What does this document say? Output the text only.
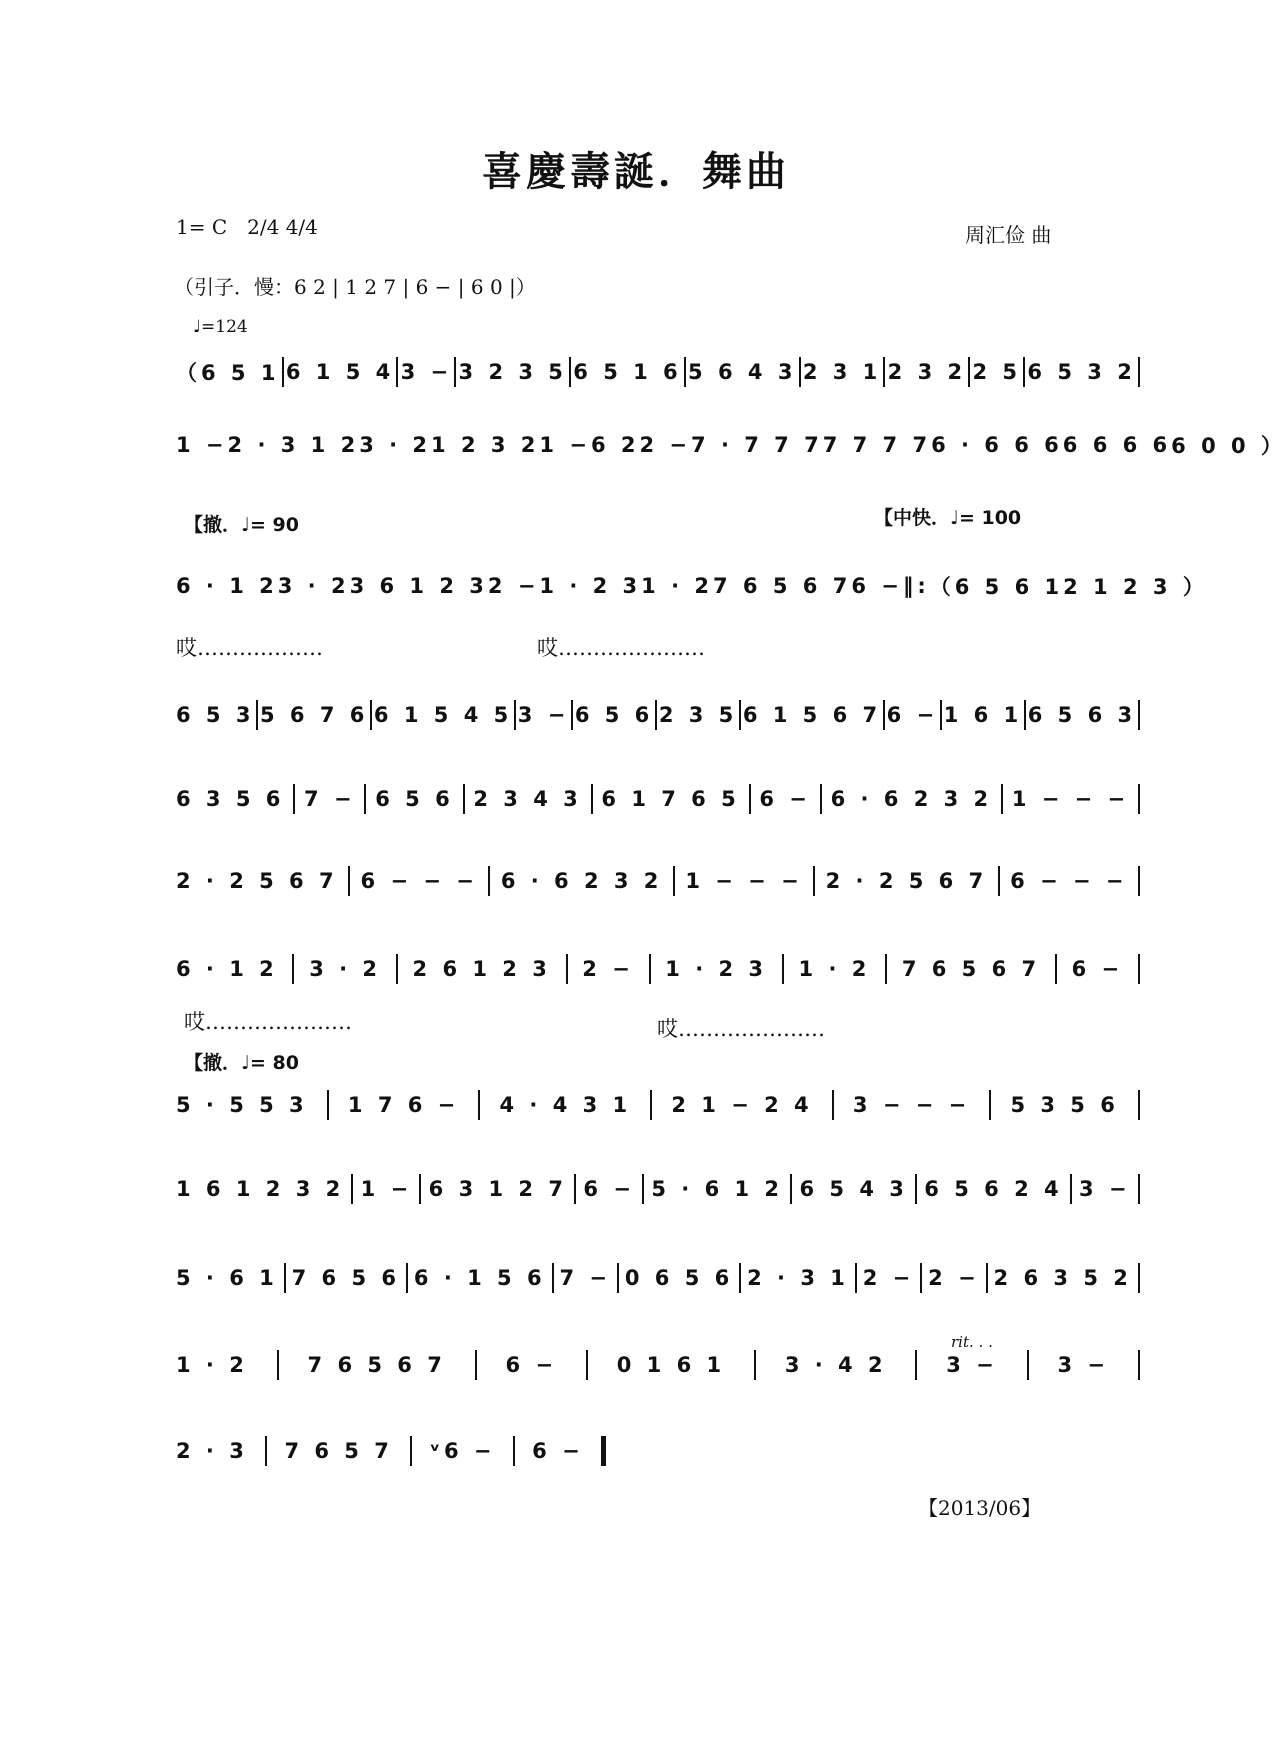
喜慶壽誕．舞曲
1= C　2/4 4/4	周汇俭 曲
（引子．慢：6 2 | 1 2 7 | 6 − | 6 0 |）
♩=124
（6 5 1 6 1 5 4 3 − 3 2 3 5 6 5 1 6 5 6 4 3 2 3 1 2 3 2 2 5 6 5 3 2
1 − 2 · 3 1 2 3 · 2 1 2 3 2 1 − 6 2 2 − 7 · 7 7 7 7 7 7 7 6 · 6 6 6 6 6 6 6 6 0 0 ）
【撤．♩= 90	【中快．♩= 100
6 · 1 2 3 · 2 3 6 1 2 3 2 − 1 · 2 3 1 · 2 7 6 5 6 7 6 −‖: （6 5 6 1 2 1 2 3 ）
哎………………	哎…………………
6 5 3 5 6 7 6 6 1 5 4 5 3 − 6 5 6 2 3 5 6 1 5 6 7 6 − 1 6 1 6 5 6 3
6 3 5 6 7 − 6 5 6 2 3 4 3 6 1 7 6 5 6 − 6 · 6 2 3 2 1 − − −
2 · 2 5 6 7 6 − − − 6 · 6 2 3 2 1 − − − 2 · 2 5 6 7 6 − − −
6 · 1 2 3 · 2 2 6 1 2 3 2 − 1 · 2 3 1 · 2 7 6 5 6 7 6 −
哎…………………	哎…………………
【撤．♩= 80
5 · 5 5 3 1 7 6 − 4 · 4 3 1 2 1 − 2 4 3 − − − 5 3 5 6
1 6 1 2 3 2 1 − 6 3 1 2 7 6 − 5 · 6 1 2 6 5 4 3 6 5 6 2 4 3 −
5 · 6 1 7 6 5 6 6 · 1 5 6 7 − 0 6 5 6 2 · 3 1 2 − 2 − 2 6 3 5 2
rit. . .
1 · 2	7 6 5 6 7	6 −	0 1 6 1	3 · 4 2	3 −	3 −
2 · 3 7 6 5 7 ᵛ6 − 6 −
【2013/06】
